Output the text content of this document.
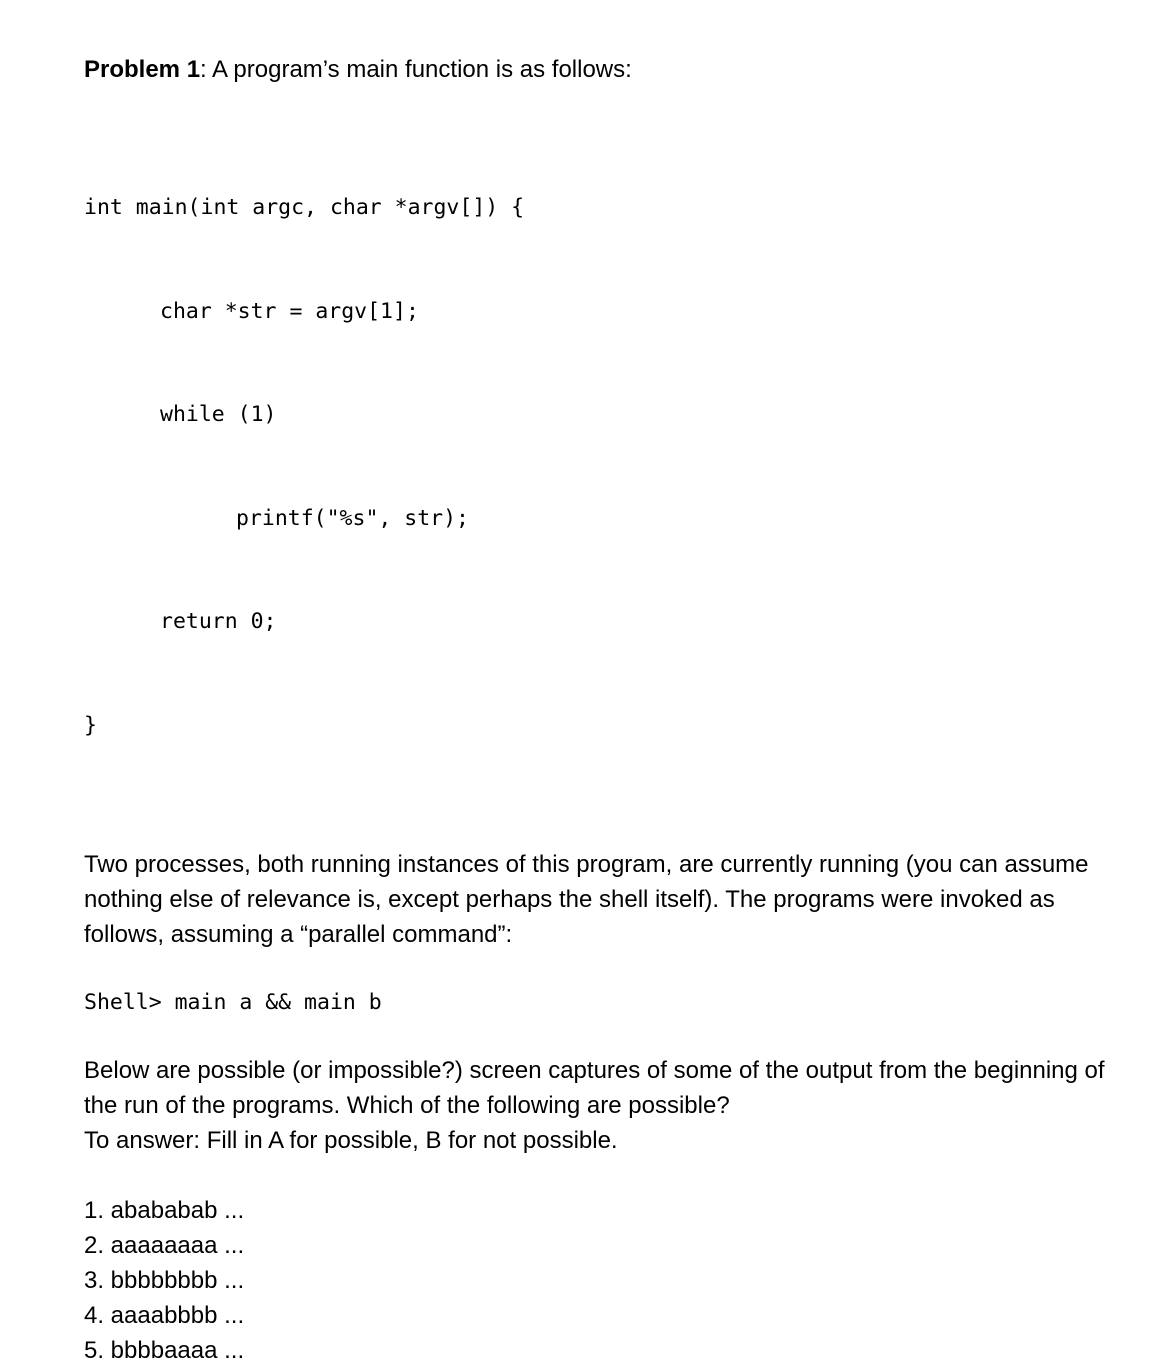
Problem 1: A program’s main function is as follows:

int main(int argc, char *argv[]) {

char *str = argv[1];

while (1)

printf("%s", str);

return 0;

}

Two processes, both running instances of this program, are currently running (you can assume nothing else of relevance is, except perhaps the shell itself). The programs were invoked as follows, assuming a “parallel command”:

Shell> main a && main b

Below are possible (or impossible?) screen captures of some of the output from the beginning of the run of the programs. Which of the following are possible?

To answer: Fill in A for possible, B for not possible.

1. abababab ...
2. aaaaaaaa ...
3. bbbbbbbb ...
4. aaaabbbb ...
5. bbbbaaaa ...
